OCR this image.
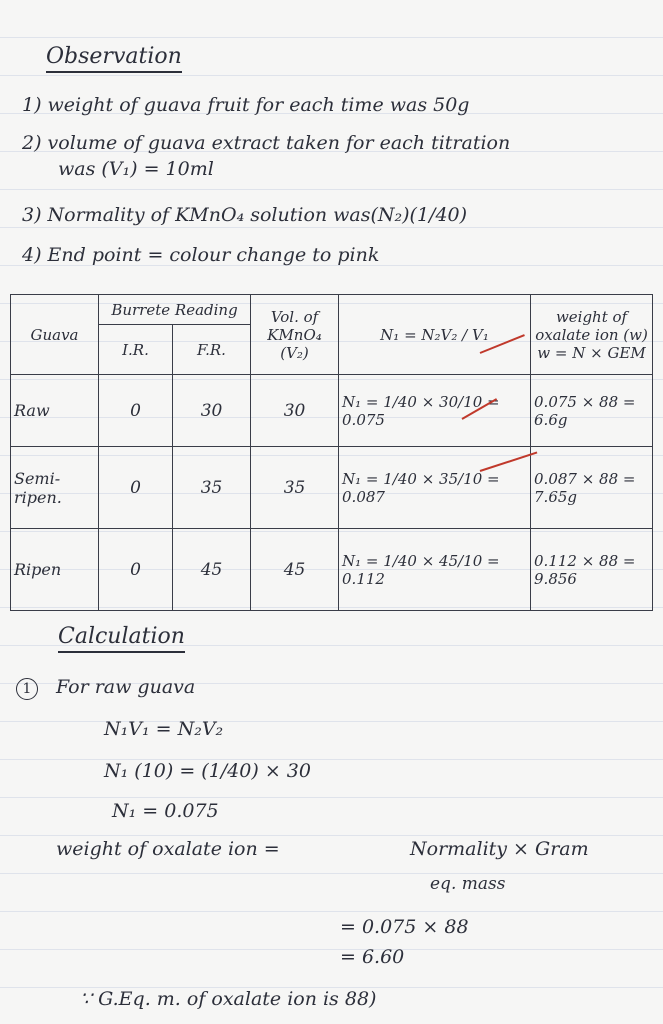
Observation
1) weight of guava fruit for each time was 50g
2) volume of guava extract taken for each titration
was (V₁) = 10ml
3) Normality of KMnO₄ solution was(N₂)(1/40)
4) End point = colour change to pink
Guava	Burrete Reading		Vol. of KMnO₄ (V₂)	N₁ = N₂V₂ / V₁	weight of oxalate ion (w) w = N × GEM
	I.R.	F.R.			
Raw	0	30	30	N₁ = 1/40 × 30/10 = 0.075	0.075 × 88 = 6.6g
Semi-ripen.	0	35	35	N₁ = 1/40 × 35/10 = 0.087	0.087 × 88 = 7.65g
Ripen	0	45	45	N₁ = 1/40 × 45/10 = 0.112	0.112 × 88 = 9.856
Calculation
1 For raw guava
N₁V₁ = N₂V₂
N₁ (10) = (1/40) × 30
N₁ = 0.075
weight of oxalate ion =	Normality × Gram
eq. mass
= 0.075 × 88
= 6.60
∵ G.Eq. m. of oxalate ion is 88)
